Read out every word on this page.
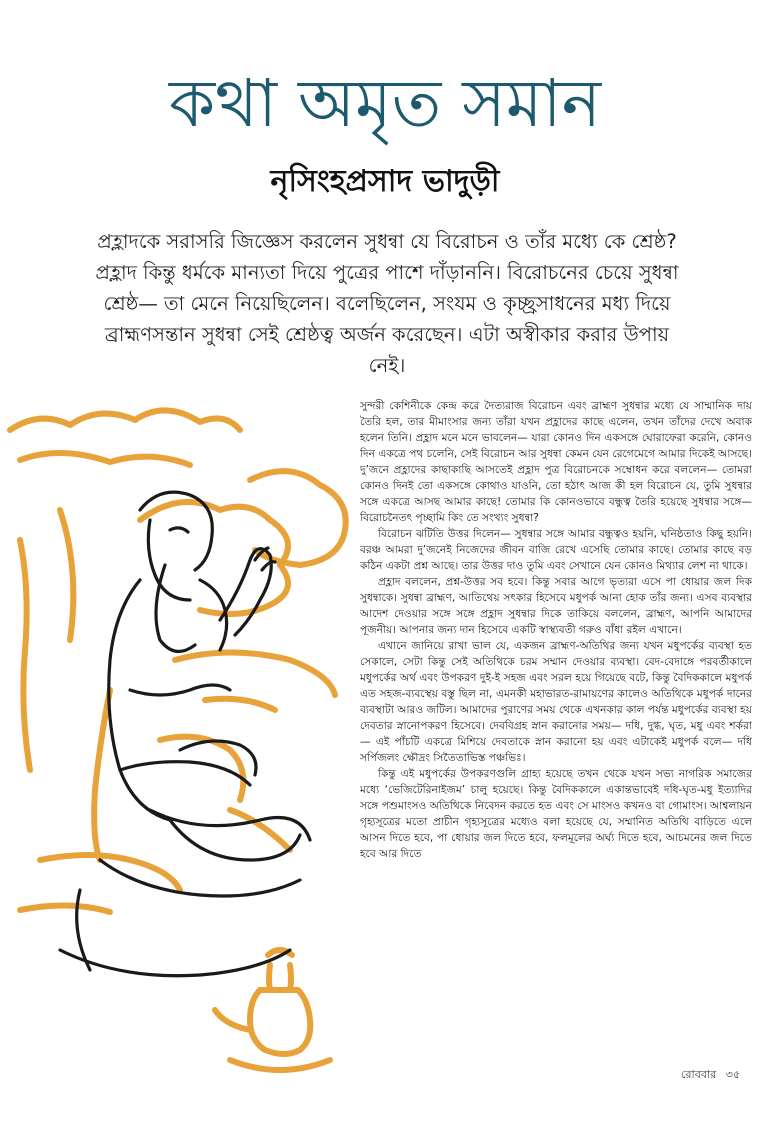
কথা অমৃত সমান
নৃসিংহপ্রসাদ ভাদুড়ী

প্রহ্লাদকে সরাসরি জিজ্ঞেস করলেন সুধন্বা যে বিরোচন ও তাঁর মধ্যে কে শ্রেষ্ঠ? প্রহ্লাদ কিন্তু ধর্মকে মান্যতা দিয়ে পুত্রের পাশে দাঁড়াননি। বিরোচনের চেয়ে সুধন্বা শ্রেষ্ঠ— তা মেনে নিয়েছিলেন। বলেছিলেন, সংযম ও কৃচ্ছ্রসাধনের মধ্য দিয়ে ব্রাহ্মণসন্তান সুধন্বা সেই শ্রেষ্ঠত্ব অর্জন করেছেন। এটা অস্বীকার করার উপায় নেই।

সুন্দরী কেশিনীকে কেন্দ্র করে দৈত্যরাজ বিরোচন এবং ব্রাহ্মণ সুধন্বার মধ্যে যে সাম্মানিক দায় তৈরি হল, তার মীমাংসার জন্য তাঁরা যখন প্রহ্লাদের কাছে এলেন, তখন তাঁদের দেখে অবাক হলেন তিনি। প্রহ্লাদ মনে মনে ভাবলেন— যারা কোনও দিন একসঙ্গে ঘোরাফেরা করেনি, কোনও দিন একত্রে পথ চলেনি, সেই বিরোচন আর সুধন্বা কেমন যেন রেগেমেগে আমার দিকেই আসছে। দু’জনে প্রহ্লাদের কাছাকাছি আসতেই প্রহ্লাদ পুত্র বিরোচনকে সম্বোধন করে বললেন— তোমরা কোনও দিনই তো একসঙ্গে কোথাও যাওনি, তো হঠাৎ আজ কী হল বিরোচন যে, তুমি সুধন্বার সঙ্গে একত্রে আসছ আমার কাছে! তোমার কি কোনওভাবে বন্ধুত্ব তৈরি হয়েছে সুধন্বার সঙ্গে— বিরোচনৈতৎ পৃচ্ছামি কিং তে সংখ্যং সুধন্বা?

বিরোচন ঝটিতি উত্তর দিলেন— সুধন্বার সঙ্গে আমার বন্ধুত্বও হয়নি, ঘনিষ্ঠতাও কিছু হয়নি। বরঞ্চ আমরা দু’জনেই নিজেদের জীবন বাজি রেখে এসেছি তোমার কাছে। তোমার কাছে বড় কঠিন একটা প্রশ্ন আছে। তার উত্তর দাও তুমি এবং সেখানে যেন কোনও মিথ্যার লেশ না থাকে।

প্রহ্লাদ বললেন, প্রশ্ন-উত্তর সব হবে। কিন্তু সবার আগে ভৃত্যরা এসে পা ধোয়ার জল দিক সুধন্বাকে। সুধন্বা ব্রাহ্মণ, আতিথেয় সৎকার হিসেবে মধুপর্ক আনা হোক তাঁর জন্য। এসব ব্যবস্থার আদেশ দেওয়ার সঙ্গে সঙ্গে প্রহ্লাদ সুধন্বার দিকে তাকিয়ে বললেন, ব্রাহ্মণ, আপনি আমাদের পূজনীয়। আপনার জন্য দান হিসেবে একটি স্বাস্থ্যবতী গরুও বাঁধা রইল এখানে।

এখানে জানিয়ে রাখা ভাল যে, একজন ব্রাহ্মণ-অতিথির জন্য যখন মধুপর্কের ব্যবস্থা হত সেকালে, সেটা কিন্তু সেই অতিথিকে চরম সম্মান দেওয়ার ব্যবস্থা। বেদ-বেদাঙ্গে পরবর্তীকালে মধুপর্কের অর্থ এবং উপকরণ দুই-ই সহজ এবং সরল হয়ে গিয়েছে বটে, কিন্তু বৈদিককালে মধুপর্ক এত সহজ-ব্যবস্থেয় বস্তু ছিল না, এমনকী মহাভারত-রামায়ণের কালেও অতিথিকে মধুপর্ক দানের ব্যবস্থাটা আরও জটিল। আমাদের পুরাণের সময় থেকে এখনকার কাল পর্যন্ত মধুপর্কের ব্যবস্থা হয় দেবতার স্নানোপকরণ হিসেবে। দেববিগ্রহ স্নান করানোর সময়— দধি, দুগ্ধ, ঘৃত, মধু এবং শর্করা— এই পাঁচটি একত্রে মিশিয়ে দেবতাকে স্নান করানো হয় এবং এটাকেই মধুপর্ক বলে— দধি সর্পিজলং ক্ষৌদ্রং সিতৈতাভিস্ত পঞ্চভিঃ।

কিন্তু এই মধুপর্কের উপকরণগুলি গ্রাহ্য হয়েছে তখন থেকে যখন সভ্য নাগরিক সমাজের মধ্যে ‘ভেজিটেরিনাইজম’ চালু হয়েছে। কিন্তু বৈদিককালে একান্তভাবেই দধি-ঘৃত-মধু ইত্যাদির সঙ্গে পশুমাংসও অতিথিকে নিবেদন করতে হত এবং সে মাংসও কখনও বা গোমাংস। আশ্বলায়ন গৃহ্যসূত্রের মতো প্রাচীন গৃহ্যসূত্রের মধ্যেও বলা হয়েছে যে, সম্মানিত অতিথি বাড়িতে এলে আসন দিতে হবে, পা ধোয়ার জল দিতে হবে, ফলমূলের অর্ঘ্য দিতে হবে, আচমনের জল দিতে হবে আর দিতে

রোববার ৩৫
